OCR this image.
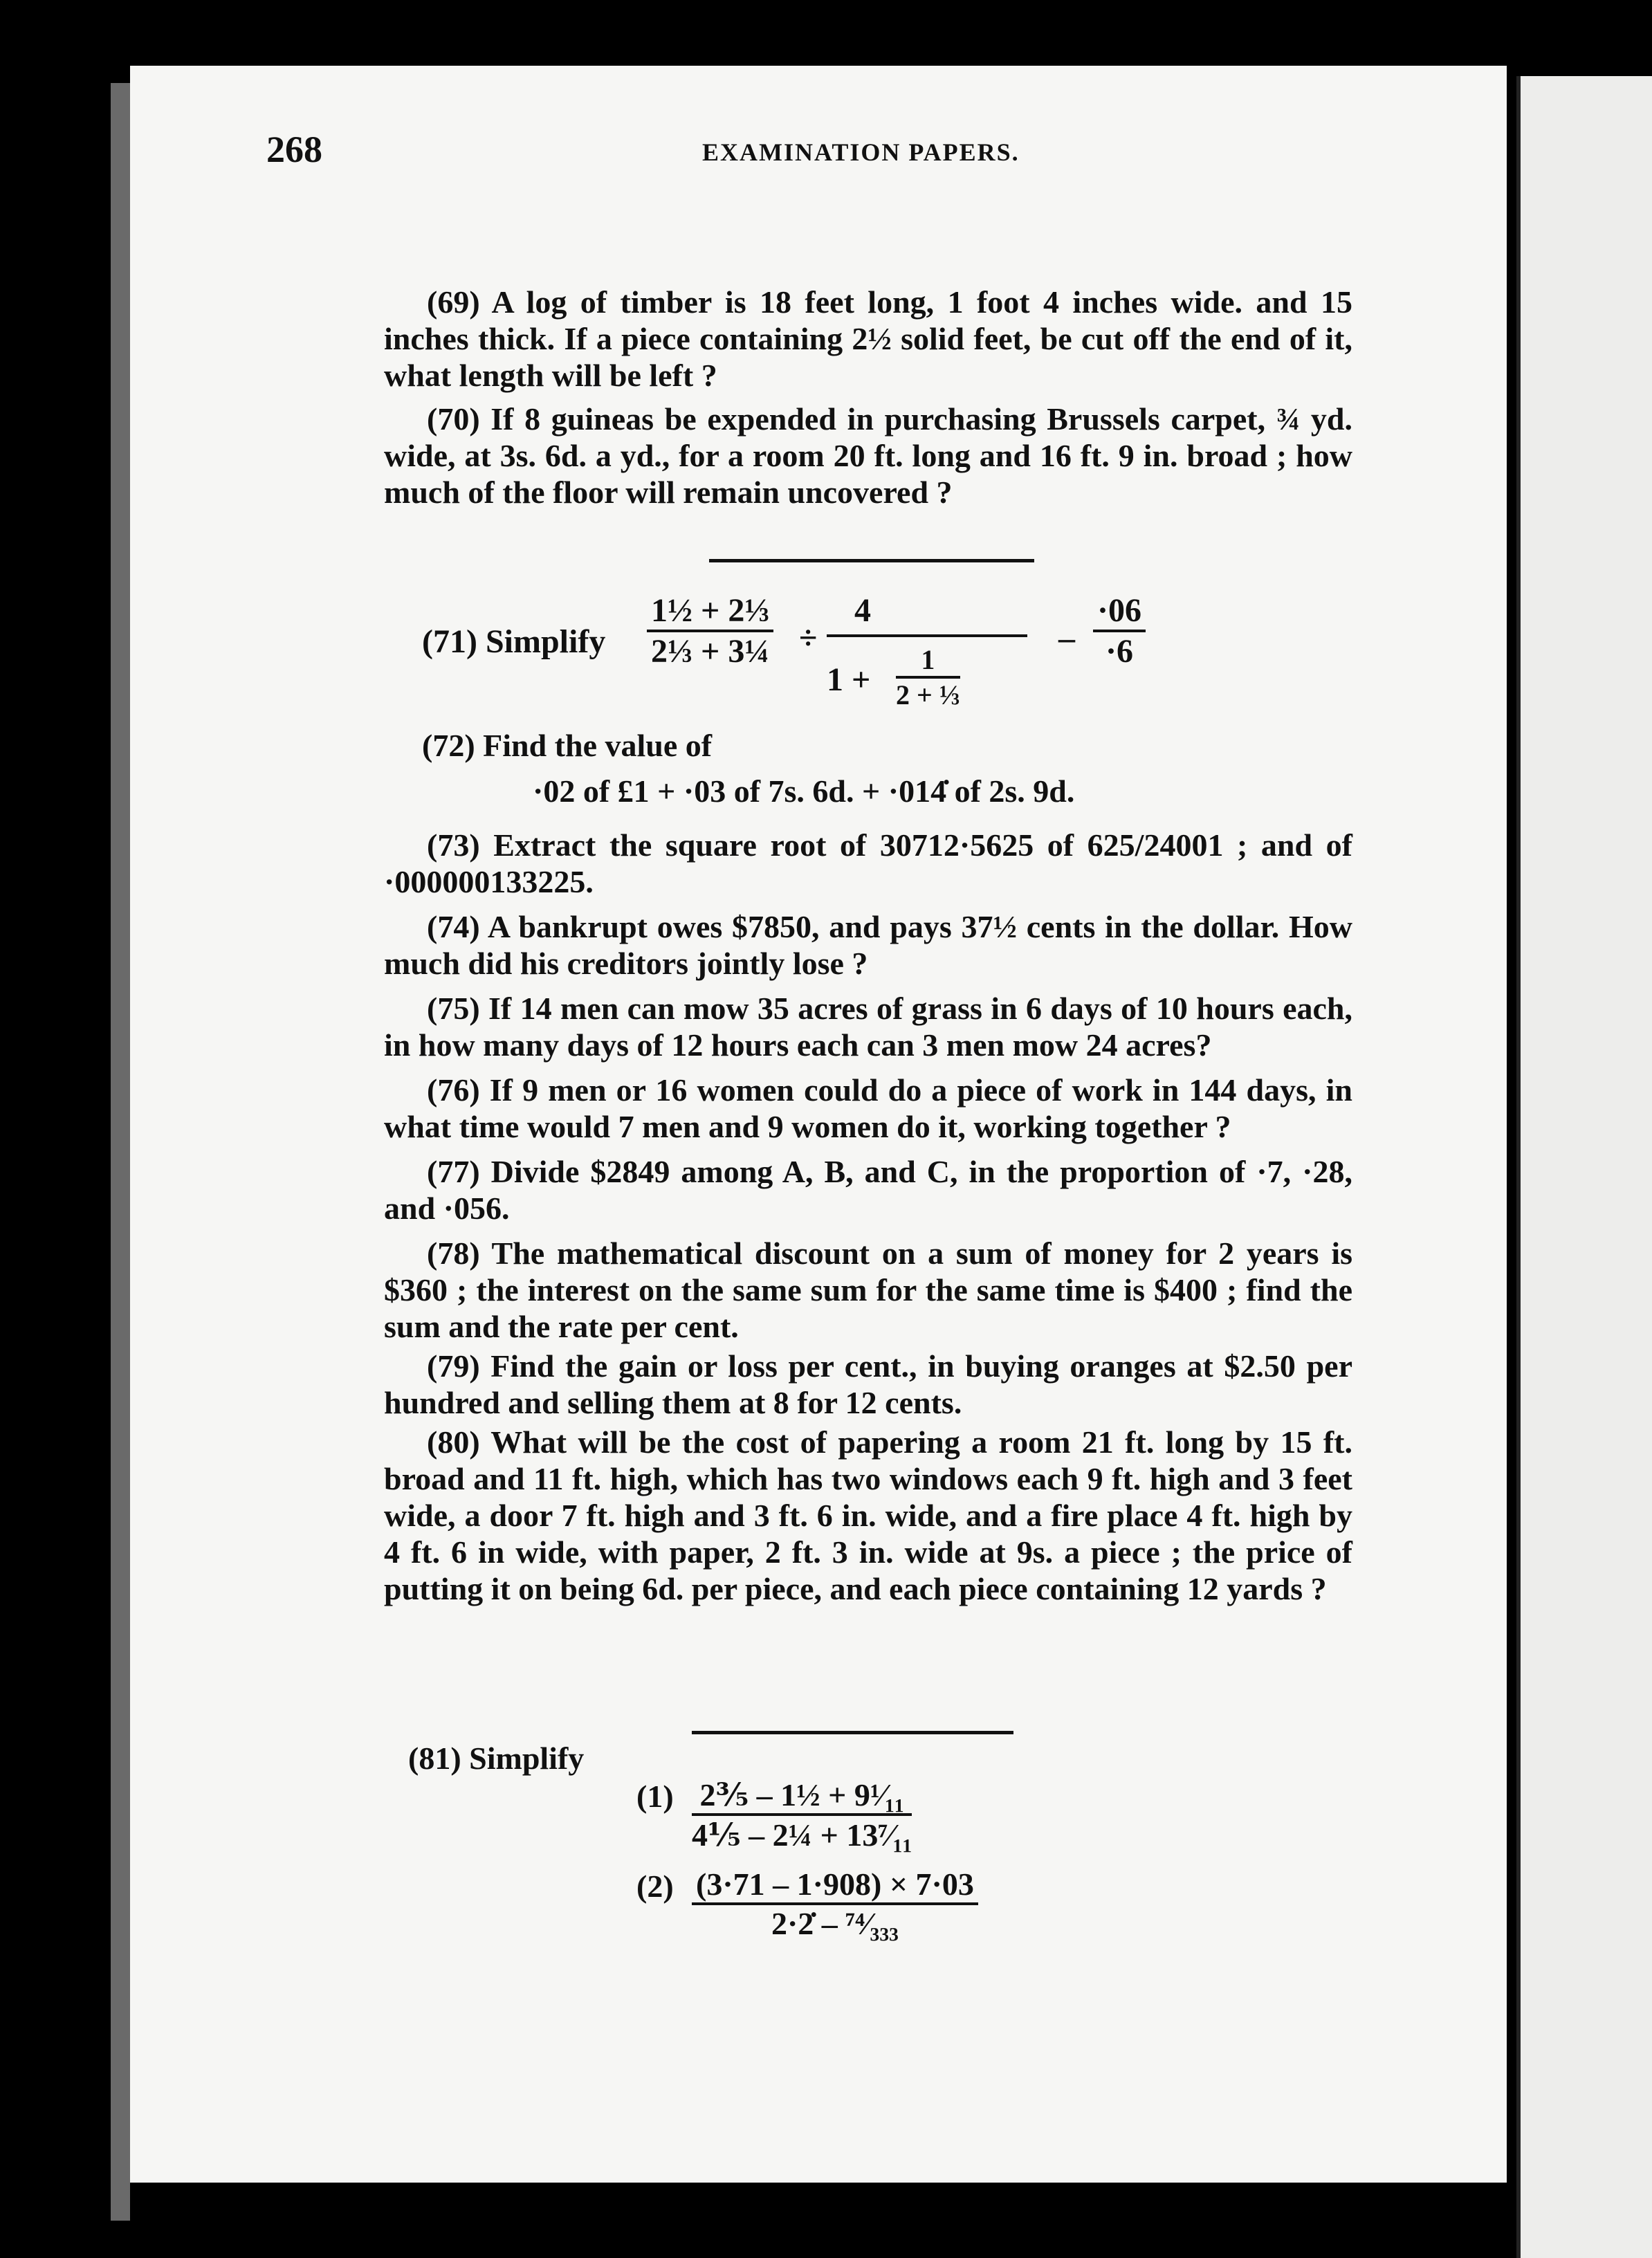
268	EXAMINATION PAPERS.

(69) A log of timber is 18 feet long, 1 foot 4 inches wide. and 15 inches thick. If a piece containing 2½ solid feet, be cut off the end of it, what length will be left ?

(70) If 8 guineas be expended in purchasing Brussels carpet, ¾ yd. wide, at 3s. 6d. a yd., for a room 20 ft. long and 16 ft. 9 in. broad ; how much of the floor will remain uncovered ?

(71) Simplify $\frac{\text{1½ + 2⅓}}{\text{2⅓ + 3¼}}$ ÷
4
$1 + \frac{1}{\text{2 + ⅓}}$
– $\frac{\cdot 06}{\cdot 6}$
(72) Find the value of
·02 of £1 + ·03 of 7s. 6d. + ·014̇ of 2s. 9d.

(73) Extract the square root of 30712·5625 of 625/24001 ; and of ·000000133225.

(74) A bankrupt owes $7850, and pays 37½ cents in the dollar. How much did his creditors jointly lose ?

(75) If 14 men can mow 35 acres of grass in 6 days of 10 hours each, in how many days of 12 hours each can 3 men mow 24 acres?

(76) If 9 men or 16 women could do a piece of work in 144 days, in what time would 7 men and 9 women do it, working together ?

(77) Divide $2849 among A, B, and C, in the proportion of ·7, ·28, and ·056.

(78) The mathematical discount on a sum of money for 2 years is $360 ; the interest on the same sum for the same time is $400 ; find the sum and the rate per cent.

(79) Find the gain or loss per cent., in buying oranges at $2.50 per hundred and selling them at 8 for 12 cents.

(80) What will be the cost of papering a room 21 ft. long by 15 ft. broad and 11 ft. high, which has two windows each 9 ft. high and 3 feet wide, a door 7 ft. high and 3 ft. 6 in. wide, and a fire place 4 ft. high by 4 ft. 6 in wide, with paper, 2 ft. 3 in. wide at 9s. a piece ; the price of putting it on being 6d. per piece, and each piece containing 12 yards ?

(81) Simplify
$(1) \frac{\text{2⅗ – 1½ + 9¹⁄₁₁}}{\text{4⅕ – 2¼ + 13⁷⁄₁₁}}$
$(2) \frac{(3\cdot 71 - 1\cdot 908) \times 7\cdot 03}{\text{2·2̇ – ⁷⁴⁄₃₃₃}}$
